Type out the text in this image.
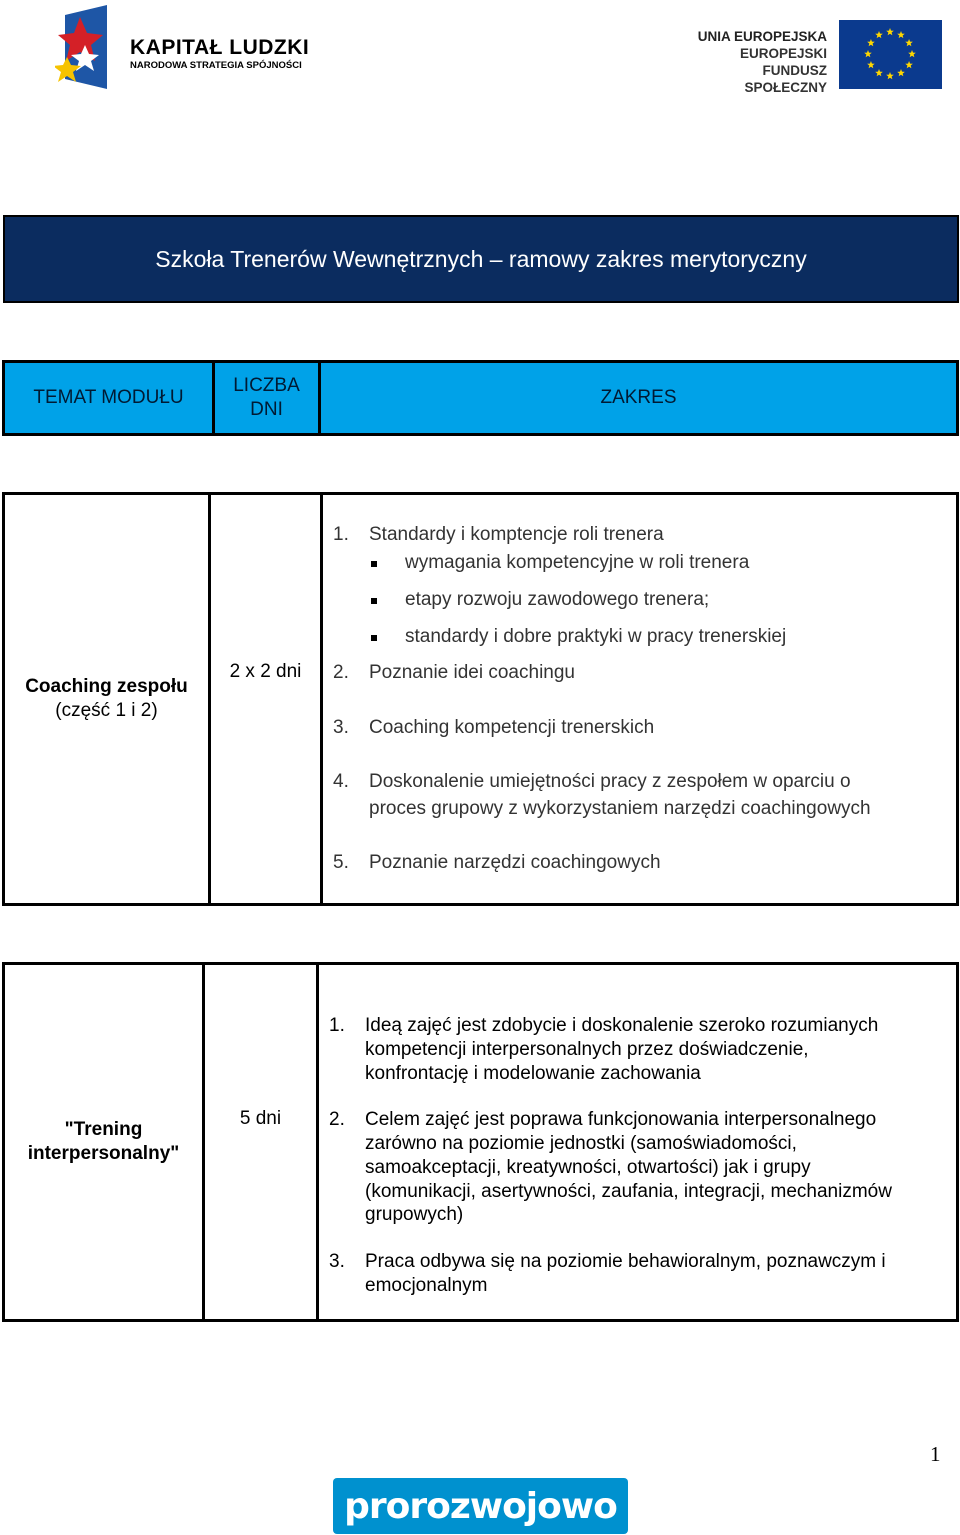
KAPITAŁ LUDZKI
NARODOWA STRATEGIA SPÓJNOŚCI
UNIA EUROPEJSKA
EUROPEJSKI
FUNDUSZ SPOŁECZNY
Szkoła Trenerów Wewnętrznych – ramowy zakres merytoryczny
TEMAT MODUŁU
LICZBA
DNI
ZAKRES
Coaching zespołu
(część 1 i 2)
2 x 2 dni
1. Standardy i komptencje roli trenera
wymagania kompetencyjne w roli trenera
etapy rozwoju zawodowego trenera;
standardy i dobre praktyki w pracy trenerskiej
2. Poznanie idei coachingu
3. Coaching kompetencji trenerskich
4. Doskonalenie umiejętności pracy z zespołem w oparciu o
proces grupowy z wykorzystaniem narzędzi coachingowych
5. Poznanie narzędzi coachingowych
"Trening
interpersonalny"
5 dni
1. Ideą zajęć jest zdobycie i doskonalenie szeroko rozumianych
kompetencji interpersonalnych przez doświadczenie,
konfrontację i modelowanie zachowania
2. Celem zajęć jest poprawa funkcjonowania interpersonalnego
zarówno na poziomie jednostki (samoświadomości,
samoakceptacji, kreatywności, otwartości) jak i grupy
(komunikacji, asertywności, zaufania, integracji, mechanizmów
grupowych)
3. Praca odbywa się na poziomie behawioralnym, poznawczym i
emocjonalnym
1
prorozwojowo
